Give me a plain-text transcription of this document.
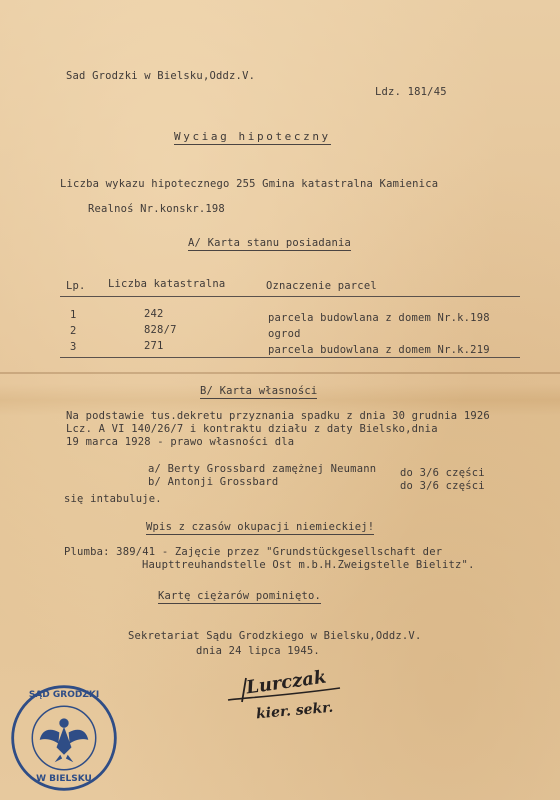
Sad Grodzki w Bielsku,Oddz.V.
Ldz. 181/45
Wyciag hipoteczny
Liczba wykazu hipotecznego 255 Gmina katastralna Kamienica
Realnoś Nr.konskr.198
A/ Karta stanu posiadania
Lp. Liczba katastralna	Oznaczenie parcel
1	242	parcela budowlana z domem Nr.k.198
2	828/7	ogrod
3	271	parcela budowlana z domem Nr.k.219
B/ Karta własności
Na podstawie tus.dekretu przyznania spadku z dnia 30 grudnia 1926
Lcz. A VI 140/26/7 i kontraktu działu z daty Bielsko,dnia
19 marca 1928 - prawo własności dla
a/ Berty Grossbard zamężnej Neumann do 3/6 części
b/ Antonji Grossbard	do 3/6 części
się intabuluje.
Wpis z czasów okupacji niemieckiej!
Plumba: 389/41 - Zajęcie przez "Grundstückgesellschaft der
Haupttreuhandstelle Ost m.b.H.Zweigstelle Bielitz".
Kartę ciężarów pominięto.
Sekretariat Sądu Grodzkiego w Bielsku,Oddz.V.
dnia 24 lipca 1945.
Lurczak
kier. sekr.
SĄD GRODZKI
W BIELSKU
